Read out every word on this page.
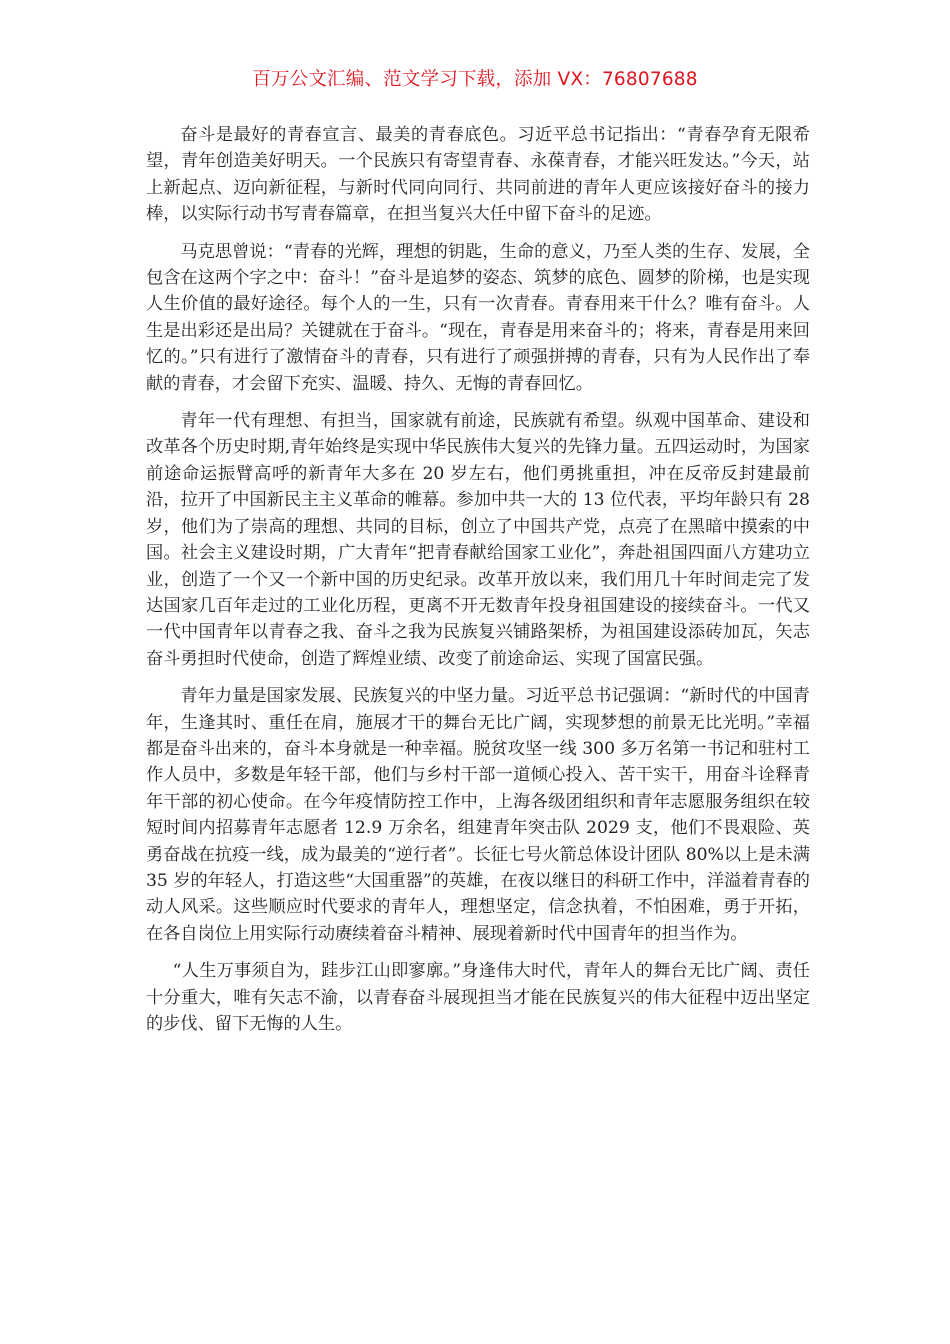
百万公文汇编、范文学习下载，添加 VX：76807688

奋斗是最好的青春宣言、最美的青春底色。习近平总书记指出：“青春孕育无限希望，青年创造美好明天。一个民族只有寄望青春、永葆青春，才能兴旺发达。”今天，站上新起点、迈向新征程，与新时代同向同行、共同前进的青年人更应该接好奋斗的接力棒，以实际行动书写青春篇章，在担当复兴大任中留下奋斗的足迹。

马克思曾说：“青春的光辉，理想的钥匙，生命的意义，乃至人类的生存、发展，全包含在这两个字之中：奋斗！”奋斗是追梦的姿态、筑梦的底色、圆梦的阶梯，也是实现人生价值的最好途径。每个人的一生，只有一次青春。青春用来干什么？唯有奋斗。人生是出彩还是出局？关键就在于奋斗。“现在，青春是用来奋斗的；将来，青春是用来回忆的。”只有进行了激情奋斗的青春，只有进行了顽强拼搏的青春，只有为人民作出了奉献的青春，才会留下充实、温暖、持久、无悔的青春回忆。

青年一代有理想、有担当，国家就有前途，民族就有希望。纵观中国革命、建设和改革各个历史时期,青年始终是实现中华民族伟大复兴的先锋力量。五四运动时，为国家前途命运振臂高呼的新青年大多在 20 岁左右，他们勇挑重担，冲在反帝反封建最前沿，拉开了中国新民主主义革命的帷幕。参加中共一大的 13 位代表，平均年龄只有 28 岁，他们为了崇高的理想、共同的目标，创立了中国共产党，点亮了在黑暗中摸索的中国。社会主义建设时期，广大青年“把青春献给国家工业化”，奔赴祖国四面八方建功立业，创造了一个又一个新中国的历史纪录。改革开放以来，我们用几十年时间走完了发达国家几百年走过的工业化历程，更离不开无数青年投身祖国建设的接续奋斗。一代又一代中国青年以青春之我、奋斗之我为民族复兴铺路架桥，为祖国建设添砖加瓦，矢志奋斗勇担时代使命，创造了辉煌业绩、改变了前途命运、实现了国富民强。

青年力量是国家发展、民族复兴的中坚力量。习近平总书记强调：“新时代的中国青年，生逢其时、重任在肩，施展才干的舞台无比广阔，实现梦想的前景无比光明。”幸福都是奋斗出来的，奋斗本身就是一种幸福。脱贫攻坚一线 300 多万名第一书记和驻村工作人员中，多数是年轻干部，他们与乡村干部一道倾心投入、苦干实干，用奋斗诠释青年干部的初心使命。在今年疫情防控工作中，上海各级团组织和青年志愿服务组织在较短时间内招募青年志愿者 12.9 万余名，组建青年突击队 2029 支，他们不畏艰险、英勇奋战在抗疫一线，成为最美的“逆行者”。长征七号火箭总体设计团队 80%以上是未满 35 岁的年轻人，打造这些“大国重器”的英雄，在夜以继日的科研工作中，洋溢着青春的动人风采。这些顺应时代要求的青年人，理想坚定，信念执着，不怕困难，勇于开拓，在各自岗位上用实际行动赓续着奋斗精神、展现着新时代中国青年的担当作为。

“人生万事须自为，跬步江山即寥廓。”身逢伟大时代，青年人的舞台无比广阔、责任十分重大，唯有矢志不渝，以青春奋斗展现担当才能在民族复兴的伟大征程中迈出坚定的步伐、留下无悔的人生。
